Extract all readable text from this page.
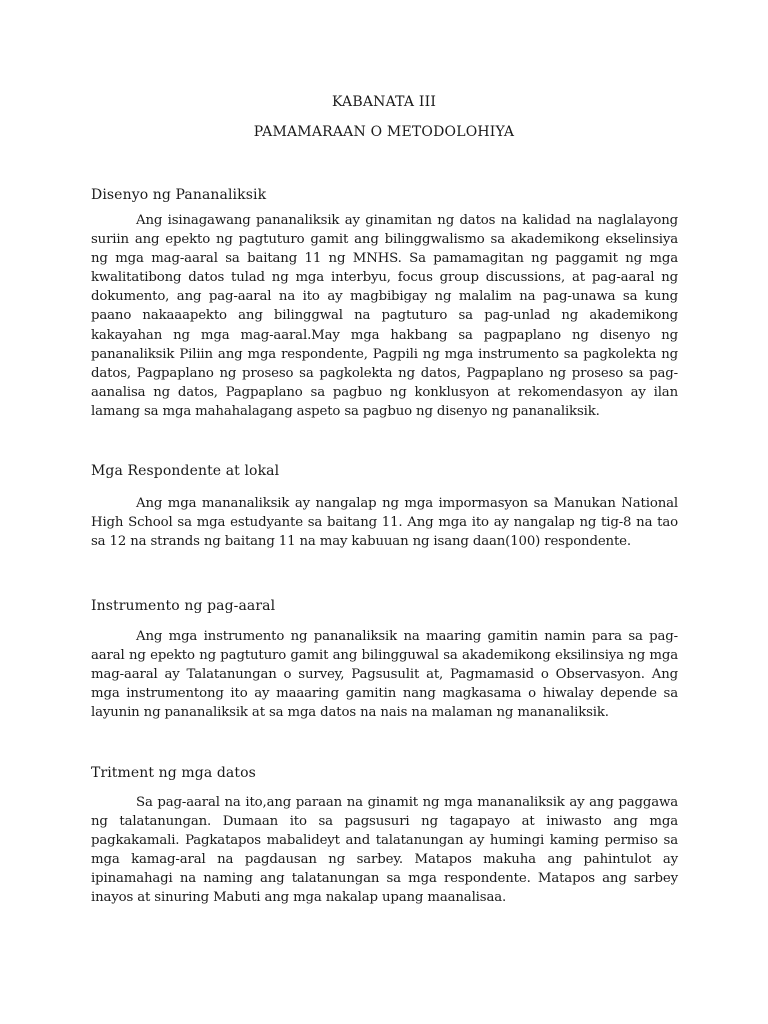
KABANATA III
PAMAMARAAN O METODOLOHIYA
Disenyo ng Pananaliksik

Ang isinagawang pananaliksik ay ginamitan ng datos na kalidad na naglalayong suriin ang epekto ng pagtuturo gamit ang bilinggwalismo sa akademikong ekselinsiya ng mga mag-aaral sa baitang 11 ng MNHS. Sa pamamagitan ng paggamit ng mga kwalitatibong datos tulad ng mga interbyu, focus group discussions, at pag-aaral ng dokumento, ang pag-aaral na ito ay magbibigay ng malalim na pag-unawa sa kung paano nakaaapekto ang bilinggwal na pagtuturo sa pag-unlad ng akademikong kakayahan ng mga mag-aaral.May mga hakbang sa pagpaplano ng disenyo ng pananaliksik Piliin ang mga respondente, Pagpili ng mga instrumento sa pagkolekta ng datos, Pagpaplano ng proseso sa pagkolekta ng datos, Pagpaplano ng proseso sa pag-aanalisa ng datos, Pagpaplano sa pagbuo ng konklusyon at rekomendasyon ay ilan lamang sa mga mahahalagang aspeto sa pagbuo ng disenyo ng pananaliksik.

Mga Respondente at lokal

Ang mga mananaliksik ay nangalap ng mga impormasyon sa Manukan National High School sa mga estudyante sa baitang 11. Ang mga ito ay nangalap ng tig-8 na tao sa 12 na strands ng baitang 11 na may kabuuan ng isang daan(100) respondente.

Instrumento ng pag-aaral

Ang mga instrumento ng pananaliksik na maaring gamitin namin para sa pag-aaral ng epekto ng pagtuturo gamit ang bilingguwal sa akademikong eksilinsiya ng mga mag-aaral ay Talatanungan o survey, Pagsusulit at, Pagmamasid o Observasyon. Ang mga instrumentong ito ay maaaring gamitin nang magkasama o hiwalay depende sa layunin ng pananaliksik at sa mga datos na nais na malaman ng mananaliksik.

Tritment ng mga datos

Sa pag-aaral na ito,ang paraan na ginamit ng mga mananaliksik ay ang paggawa ng talatanungan. Dumaan ito sa pagsusuri ng tagapayo at iniwasto ang mga pagkakamali. Pagkatapos mabalideyt and talatanungan ay humingi kaming permiso sa mga kamag-aral na pagdausan ng sarbey. Matapos makuha ang pahintulot ay ipinamahagi na naming ang talatanungan sa mga respondente. Matapos ang sarbey inayos at sinuring Mabuti ang mga nakalap upang maanalisaa.
